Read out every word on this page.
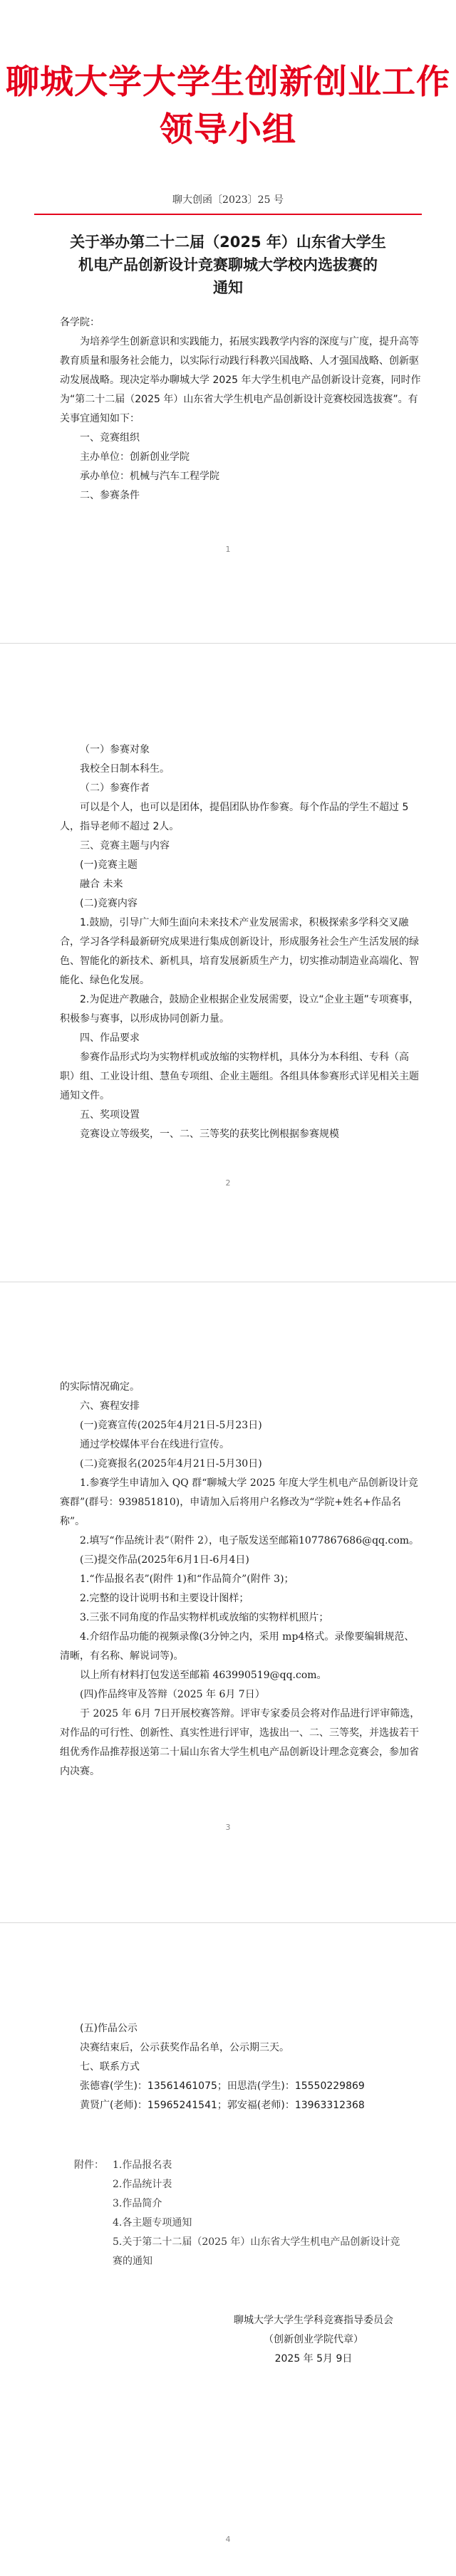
聊城大学大学生创新创业工作领导小组
聊大创函〔2023〕25 号
关于举办第二十二届（2025 年）山东省大学生
机电产品创新设计竞赛聊城大学校内选拔赛的
通知

各学院：

为培养学生创新意识和实践能力，拓展实践教学内容的深度与广度，提升高等教育质量和服务社会能力，以实际行动践行科教兴国战略、人才强国战略、创新驱动发展战略。现决定举办聊城大学 2025 年大学生机电产品创新设计竞赛，同时作为“第二十二届（2025 年）山东省大学生机电产品创新设计竞赛校园选拔赛”。有关事宜通知如下：

一、竞赛组织

主办单位：创新创业学院

承办单位：机械与汽车工程学院

二、参赛条件

1

（一）参赛对象

我校全日制本科生。

（二）参赛作者

可以是个人，也可以是团体，提倡团队协作参赛。每个作品的学生不超过 5人，指导老师不超过 2人。

三、竞赛主题与内容

(一)竞赛主题

融合 未来

(二)竞赛内容

1.鼓励，引导广大师生面向未来技术产业发展需求，积极探索多学科交叉融合，学习各学科最新研究成果进行集成创新设计，形成服务社会生产生活发展的绿色、智能化的新技术、新机具，培育发展新质生产力，切实推动制造业高端化、智能化、绿色化发展。

2.为促进产教融合，鼓励企业根据企业发展需要，设立“企业主题”专项赛事，积极参与赛事，以形成协同创新力量。

四、作品要求

参赛作品形式均为实物样机或放缩的实物样机，具体分为本科组、专科（高职）组、工业设计组、慧鱼专项组、企业主题组。各组具体参赛形式详见相关主题通知文件。

五、奖项设置

竞赛设立等级奖，一、二、三等奖的获奖比例根据参赛规模

2

的实际情况确定。

六、赛程安排

(一)竞赛宣传(2025年4月21日-5月23日)

通过学校媒体平台在线进行宣传。

(二)竞赛报名(2025年4月21日-5月30日)

1.参赛学生申请加入 QQ 群“聊城大学 2025 年度大学生机电产品创新设计竞赛群”(群号：939851810)，申请加入后将用户名修改为“学院+姓名+作品名称”。

2.填写“作品统计表”（附件 2），电子版发送至邮箱1077867686@qq.com。

(三)提交作品(2025年6月1日-6月4日)

1.“作品报名表”(附件 1)和“作品简介”(附件 3)；

2.完整的设计说明书和主要设计图样；

3.三张不同角度的作品实物样机或放缩的实物样机照片；

4.介绍作品功能的视频录像(3分钟之内，采用 mp4格式。录像要编辑规范、清晰，有名称、解说词等)。

以上所有材料打包发送至邮箱 463990519@qq.com。

(四)作品终审及答辩（2025 年 6月 7日）

于 2025 年 6月 7日开展校赛答辩。评审专家委员会将对作品进行评审筛选，对作品的可行性、创新性、真实性进行评审，选拔出一、二、三等奖，并选拔若干组优秀作品推荐报送第二十届山东省大学生机电产品创新设计理念竞赛会，参加省内决赛。

3

(五)作品公示

决赛结束后，公示获奖作品名单，公示期三天。

七、联系方式

张德睿(学生)：13561461075；田思浩(学生)：15550229869

黄贤广(老师)：15965241541；郭安福(老师)：13963312368

附件： 1.作品报名表
2.作品统计表
3.作品简介
4.各主题专项通知
5.关于第二十二届（2025 年）山东省大学生机电产品创新设计竞赛的通知
聊城大学大学生学科竞赛指导委员会
（创新创业学院代章）
2025 年 5月 9日
4
